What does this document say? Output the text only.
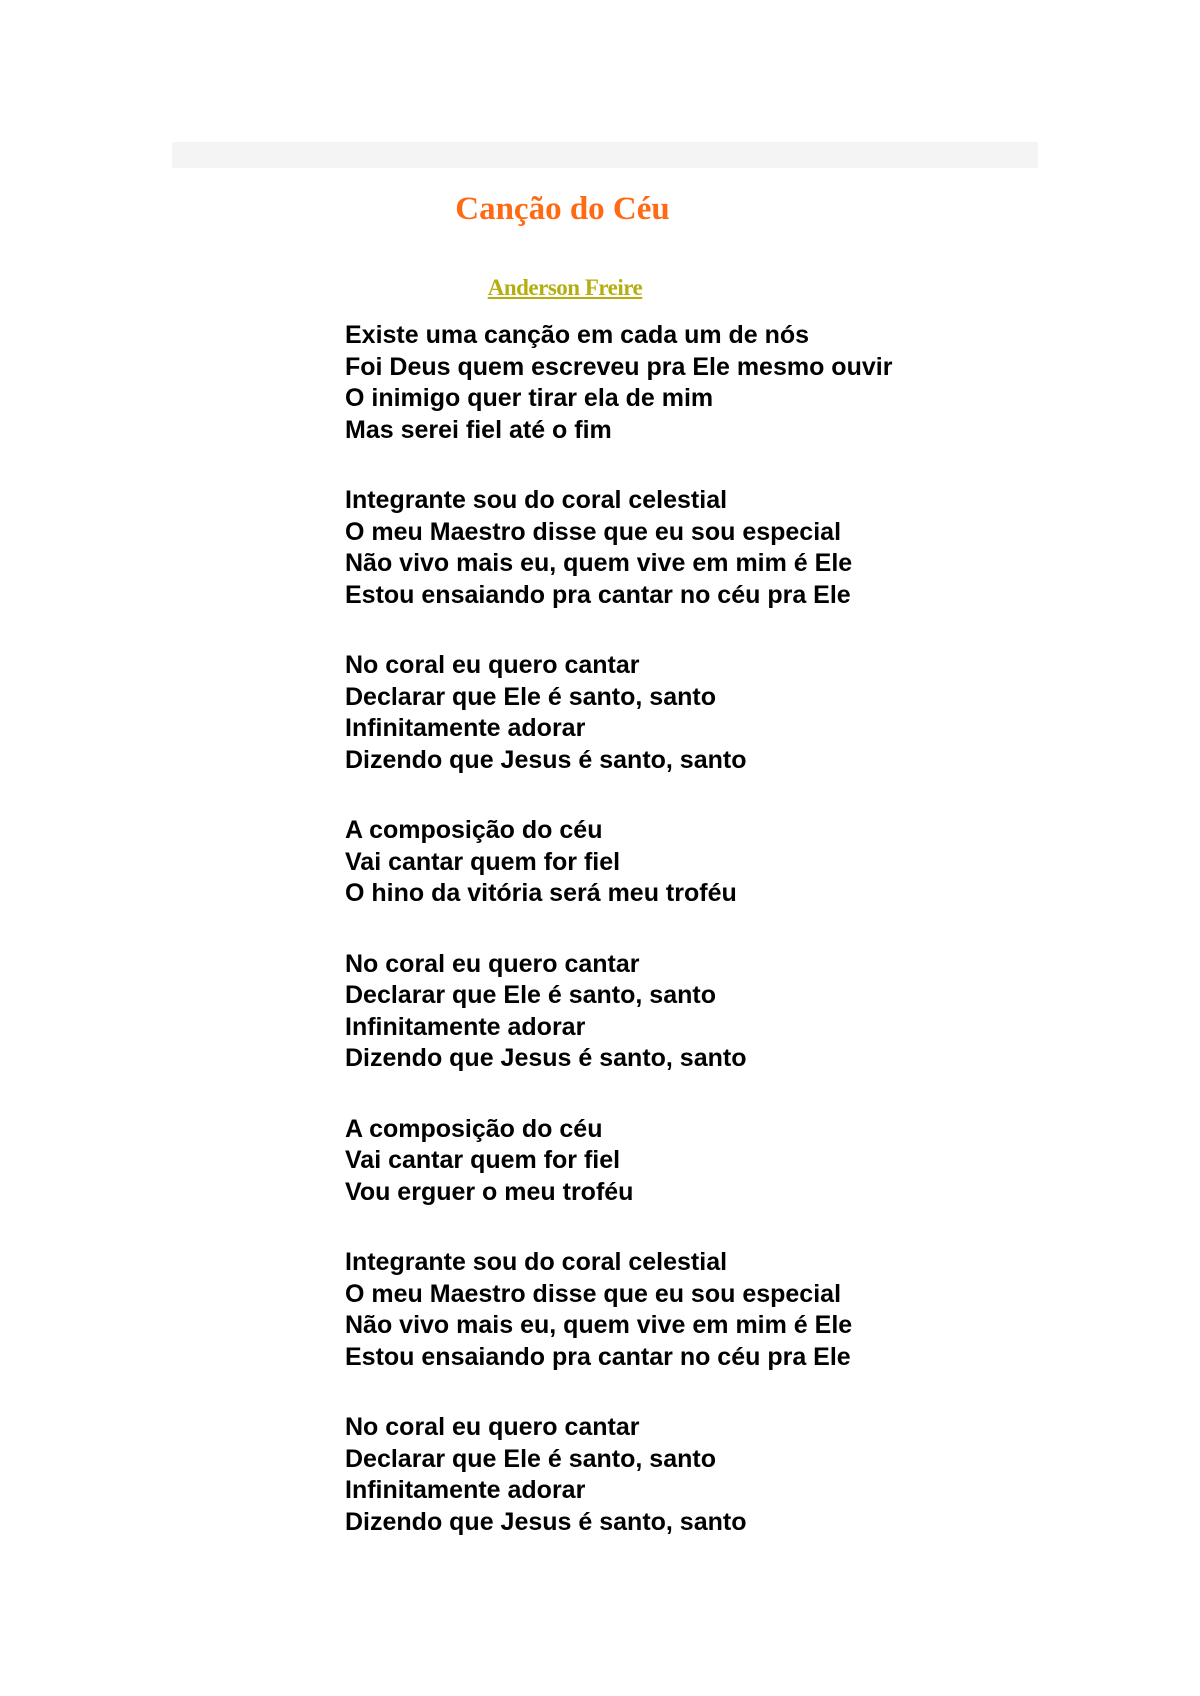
Canção do Céu
Anderson Freire
Existe uma canção em cada um de nós
Foi Deus quem escreveu pra Ele mesmo ouvir
O inimigo quer tirar ela de mim
Mas serei fiel até o fim
Integrante sou do coral celestial
O meu Maestro disse que eu sou especial
Não vivo mais eu, quem vive em mim é Ele
Estou ensaiando pra cantar no céu pra Ele
No coral eu quero cantar
Declarar que Ele é santo, santo
Infinitamente adorar
Dizendo que Jesus é santo, santo
A composição do céu
Vai cantar quem for fiel
O hino da vitória será meu troféu
No coral eu quero cantar
Declarar que Ele é santo, santo
Infinitamente adorar
Dizendo que Jesus é santo, santo
A composição do céu
Vai cantar quem for fiel
Vou erguer o meu troféu
Integrante sou do coral celestial
O meu Maestro disse que eu sou especial
Não vivo mais eu, quem vive em mim é Ele
Estou ensaiando pra cantar no céu pra Ele
No coral eu quero cantar
Declarar que Ele é santo, santo
Infinitamente adorar
Dizendo que Jesus é santo, santo
